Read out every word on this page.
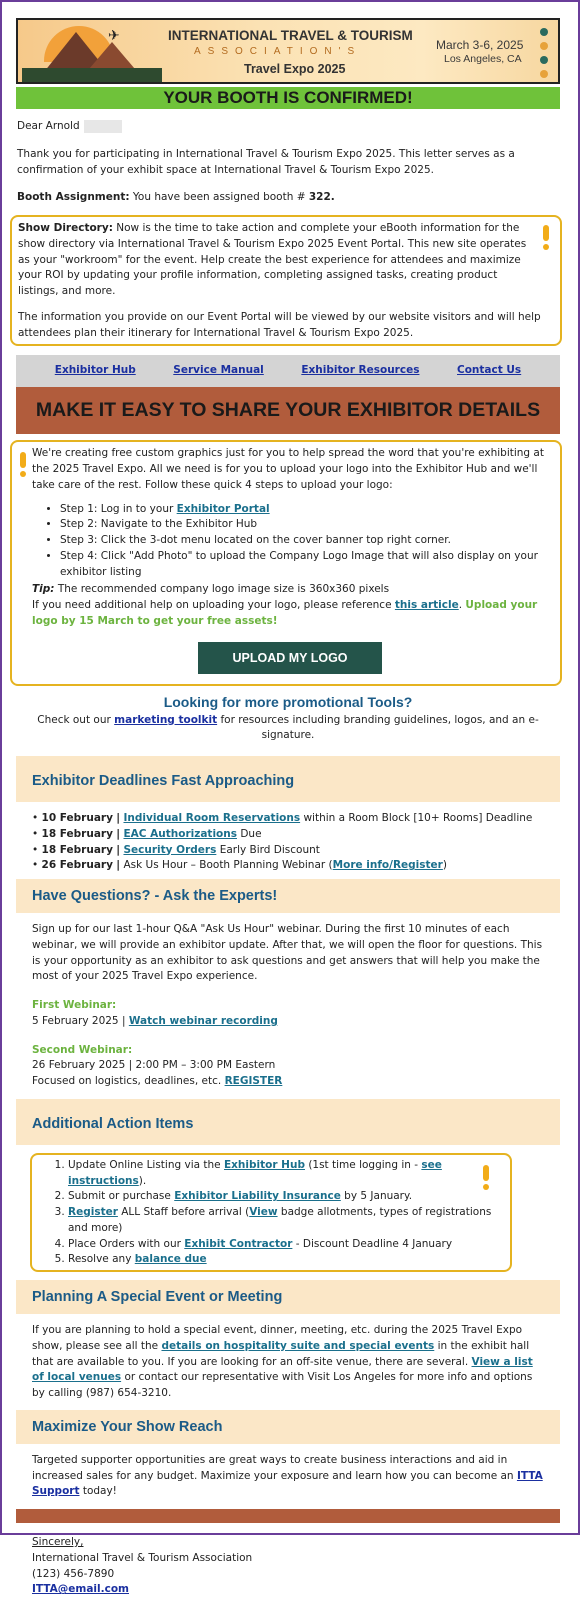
✈	INTERNATIONAL TRAVEL & TOURISM
ASSOCIATION'S
Travel Expo 2025
March 3-6, 2025
Los Angeles, CA
YOUR BOOTH IS CONFIRMED!
Dear Arnold
Thank you for participating in International Travel & Tourism Expo 2025. This letter serves as a confirmation of your exhibit space at International Travel & Tourism Expo 2025.
Booth Assignment: You have been assigned booth # 322.
Show Directory: Now is the time to take action and complete your eBooth information for the show directory via International Travel & Tourism Expo 2025 Event Portal. This new site operates as your "workroom" for the event. Help create the best experience for attendees and maximize your ROI by updating your profile information, completing assigned tasks, creating product listings, and more.
The information you provide on our Event Portal will be viewed by our website visitors and will help attendees plan their itinerary for International Travel & Tourism Expo 2025.
Exhibitor Hub	Service Manual	Exhibitor Resources	Contact Us
MAKE IT EASY TO SHARE YOUR EXHIBITOR DETAILS
We're creating free custom graphics just for you to help spread the word that you're exhibiting at the 2025 Travel Expo. All we need is for you to upload your logo into the Exhibitor Hub and we'll take care of the rest. Follow these quick 4 steps to upload your logo:
• Step 1: Log in to your Exhibitor Portal
• Step 2: Navigate to the Exhibitor Hub
• Step 3: Click the 3-dot menu located on the cover banner top right corner.
• Step 4: Click "Add Photo" to upload the Company Logo Image that will also display on your exhibitor listing
Tip: The recommended company logo image size is 360x360 pixels
If you need additional help on uploading your logo, please reference this article. Upload your logo by 15 March to get your free assets!
UPLOAD MY LOGO
Looking for more promotional Tools?
Check out our marketing toolkit for resources including branding guidelines, logos, and an e-signature.
Exhibitor Deadlines Fast Approaching
• 10 February | Individual Room Reservations within a Room Block [10+ Rooms] Deadline
• 18 February | EAC Authorizations Due
• 18 February | Security Orders Early Bird Discount
• 26 February | Ask Us Hour – Booth Planning Webinar (More info/Register)
Have Questions? - Ask the Experts!
Sign up for our last 1-hour Q&A "Ask Us Hour" webinar. During the first 10 minutes of each webinar, we will provide an exhibitor update. After that, we will open the floor for questions. This is your opportunity as an exhibitor to ask questions and get answers that will help you make the most of your 2025 Travel Expo experience.
First Webinar:
5 February 2025 | Watch webinar recording
Second Webinar:
26 February 2025 | 2:00 PM – 3:00 PM Eastern
Focused on logistics, deadlines, etc. REGISTER
Additional Action Items
1. Update Online Listing via the Exhibitor Hub (1st time logging in - see instructions).
2. Submit or purchase Exhibitor Liability Insurance by 5 January.
3. Register ALL Staff before arrival (View badge allotments, types of registrations and more)
4. Place Orders with our Exhibit Contractor - Discount Deadline 4 January
5. Resolve any balance due
Planning A Special Event or Meeting
If you are planning to hold a special event, dinner, meeting, etc. during the 2025 Travel Expo show, please see all the details on hospitality suite and special events in the exhibit hall that are available to you. If you are looking for an off-site venue, there are several. View a list of local venues or contact our representative with Visit Los Angeles for more info and options by calling (987) 654-3210.
Maximize Your Show Reach
Targeted supporter opportunities are great ways to create business interactions and aid in increased sales for any budget. Maximize your exposure and learn how you can become an ITTA Support today!
Sincerely,
International Travel & Tourism Association
(123) 456-7890
ITTA@email.com
